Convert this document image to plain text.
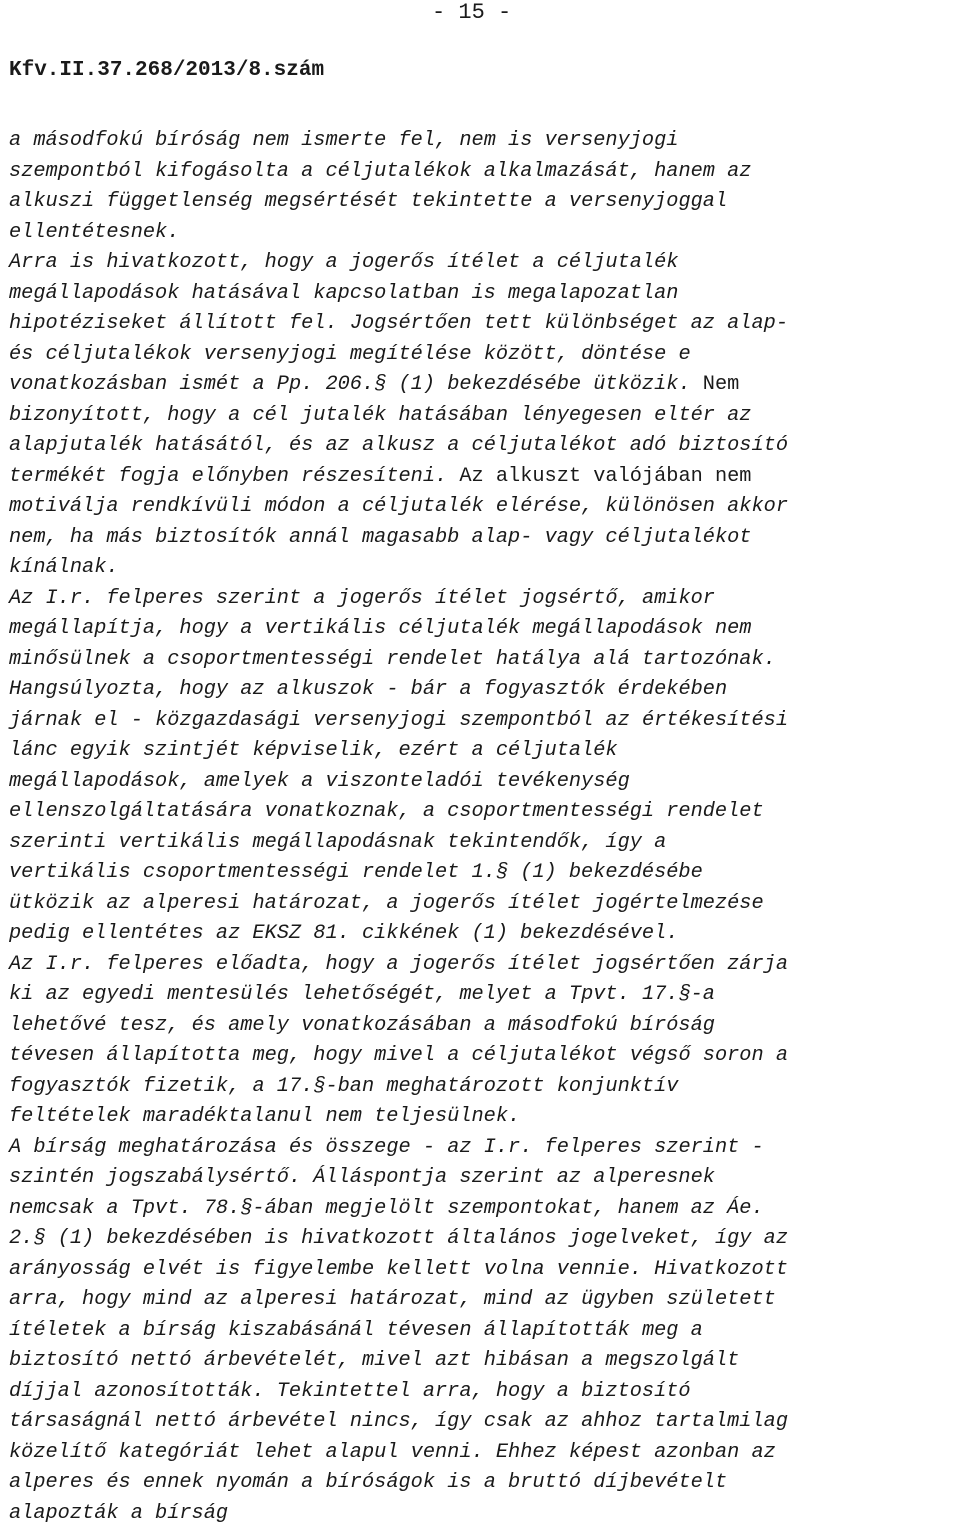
- 15 -
Kfv.II.37.268/2013/8.szám
a másodfokú bíróság nem ismerte fel, nem is versenyjogi
szempontból kifogásolta a céljutalékok alkalmazását, hanem az
alkuszi függetlenség megsértését tekintette a versenyjoggal
ellentétesnek.
Arra is hivatkozott, hogy a jogerős ítélet a céljutalék
megállapodások hatásával kapcsolatban is megalapozatlan
hipotéziseket állított fel. Jogsértően tett különbséget az alap-
és céljutalékok versenyjogi megítélése között, döntése e
vonatkozásban ismét a Pp. 206.§ (1) bekezdésébe ütközik. Nem
bizonyított, hogy a cél jutalék hatásában lényegesen eltér az
alapjutalék hatásától, és az alkusz a céljutalékot adó biztosító
termékét fogja előnyben részesíteni. Az alkuszt valójában nem
motiválja rendkívüli módon a céljutalék elérése, különösen akkor
nem, ha más biztosítók annál magasabb alap- vagy céljutalékot
kínálnak.
Az I.r. felperes szerint a jogerős ítélet jogsértő, amikor
megállapítja, hogy a vertikális céljutalék megállapodások nem
minősülnek a csoportmentességi rendelet hatálya alá tartozónak.
Hangsúlyozta, hogy az alkuszok - bár a fogyasztók érdekében
járnak el - közgazdasági versenyjogi szempontból az értékesítési
lánc egyik szintjét képviselik, ezért a céljutalék
megállapodások, amelyek a viszonteladói tevékenység
ellenszolgáltatására vonatkoznak, a csoportmentességi rendelet
szerinti vertikális megállapodásnak tekintendők, így a
vertikális csoportmentességi rendelet 1.§ (1) bekezdésébe
ütközik az alperesi határozat, a jogerős ítélet jogértelmezése
pedig ellentétes az EKSZ 81. cikkének (1) bekezdésével.
Az I.r. felperes előadta, hogy a jogerős ítélet jogsértően zárja
ki az egyedi mentesülés lehetőségét, melyet a Tpvt. 17.§-a
lehetővé tesz, és amely vonatkozásában a másodfokú bíróság
tévesen állapította meg, hogy mivel a céljutalékot végső soron a
fogyasztók fizetik, a 17.§-ban meghatározott konjunktív
feltételek maradéktalanul nem teljesülnek.
A bírság meghatározása és összege - az I.r. felperes szerint -
szintén jogszabálysértő. Álláspontja szerint az alperesnek
nemcsak a Tpvt. 78.§-ában megjelölt szempontokat, hanem az Áe.
2.§ (1) bekezdésében is hivatkozott általános jogelveket, így az
arányosság elvét is figyelembe kellett volna vennie. Hivatkozott
arra, hogy mind az alperesi határozat, mind az ügyben született
ítéletek a bírság kiszabásánál tévesen állapították meg a
biztosító nettó árbevételét, mivel azt hibásan a megszolgált
díjjal azonosították. Tekintettel arra, hogy a biztosító
társaságnál nettó árbevétel nincs, így csak az ahhoz tartalmilag
közelítő kategóriát lehet alapul venni. Ehhez képest azonban az
alperes és ennek nyomán a bíróságok is a bruttó díjbevételt
alapozták a bírság
